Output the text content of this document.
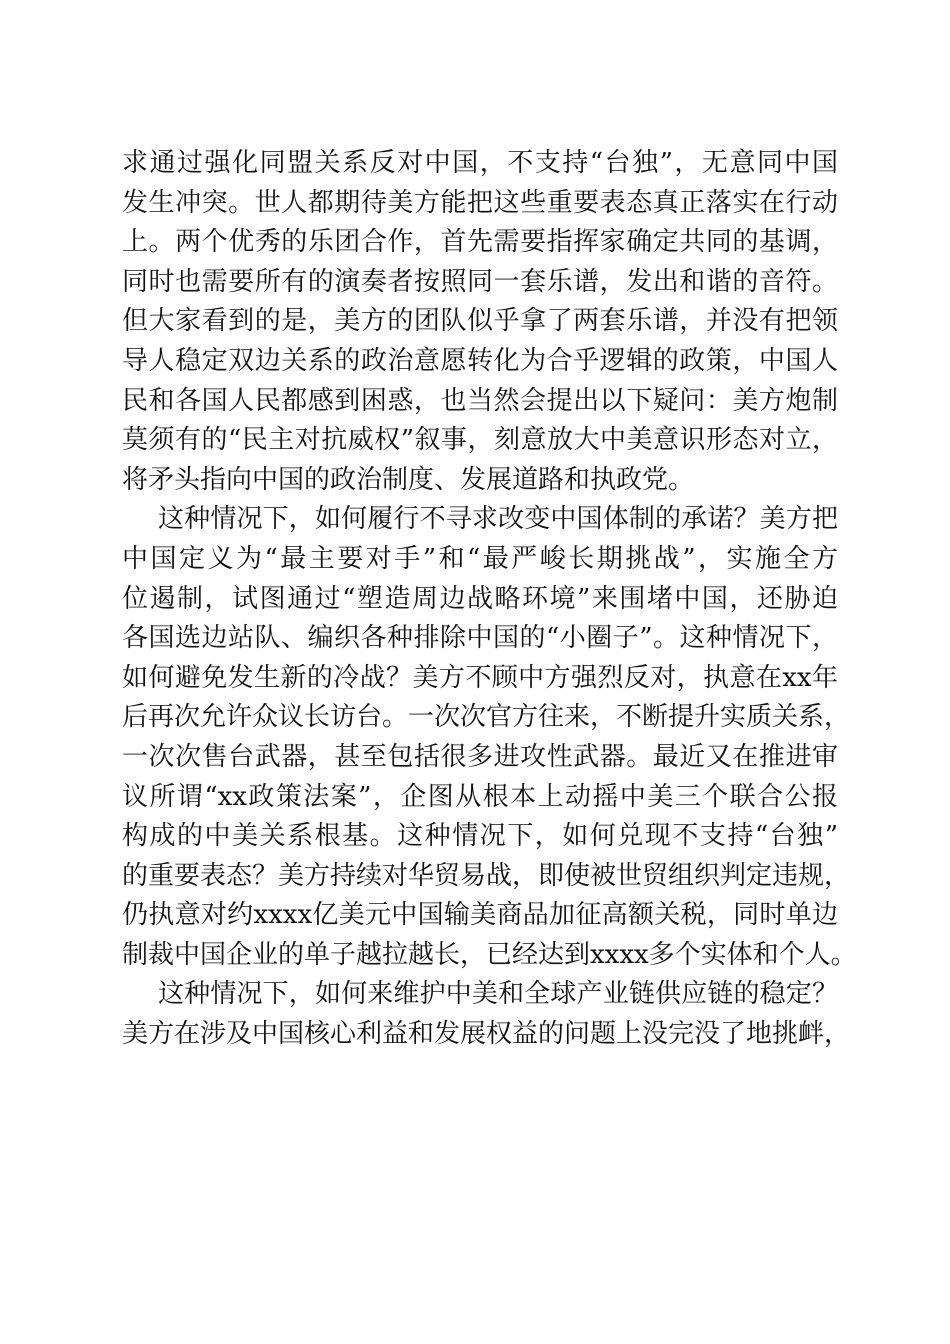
求通过强化同盟关系反对中国，不支持“台独”，无意同中国
发生冲突。世人都期待美方能把这些重要表态真正落实在行动
上。两个优秀的乐团合作，首先需要指挥家确定共同的基调，
同时也需要所有的演奏者按照同一套乐谱，发出和谐的音符。
但大家看到的是，美方的团队似乎拿了两套乐谱，并没有把领
导人稳定双边关系的政治意愿转化为合乎逻辑的政策，中国人
民和各国人民都感到困惑，也当然会提出以下疑问：美方炮制
莫须有的“民主对抗威权”叙事，刻意放大中美意识形态对立，
将矛头指向中国的政治制度、发展道路和执政党。
这种情况下，如何履行不寻求改变中国体制的承诺？美方把
中国定义为“最主要对手”和“最严峻长期挑战”，实施全方
位遏制，试图通过“塑造周边战略环境”来围堵中国，还胁迫
各国选边站队、编织各种排除中国的“小圈子”。这种情况下，
如何避免发生新的冷战？美方不顾中方强烈反对，执意在xx年
后再次允许众议长访台。一次次官方往来，不断提升实质关系，
一次次售台武器，甚至包括很多进攻性武器。最近又在推进审
议所谓“xx政策法案”，企图从根本上动摇中美三个联合公报
构成的中美关系根基。这种情况下，如何兑现不支持“台独”
的重要表态？美方持续对华贸易战，即使被世贸组织判定违规，
仍执意对约xxxx亿美元中国输美商品加征高额关税，同时单边
制裁中国企业的单子越拉越长，已经达到xxxx多个实体和个人。
这种情况下，如何来维护中美和全球产业链供应链的稳定？
美方在涉及中国核心利益和发展权益的问题上没完没了地挑衅，
